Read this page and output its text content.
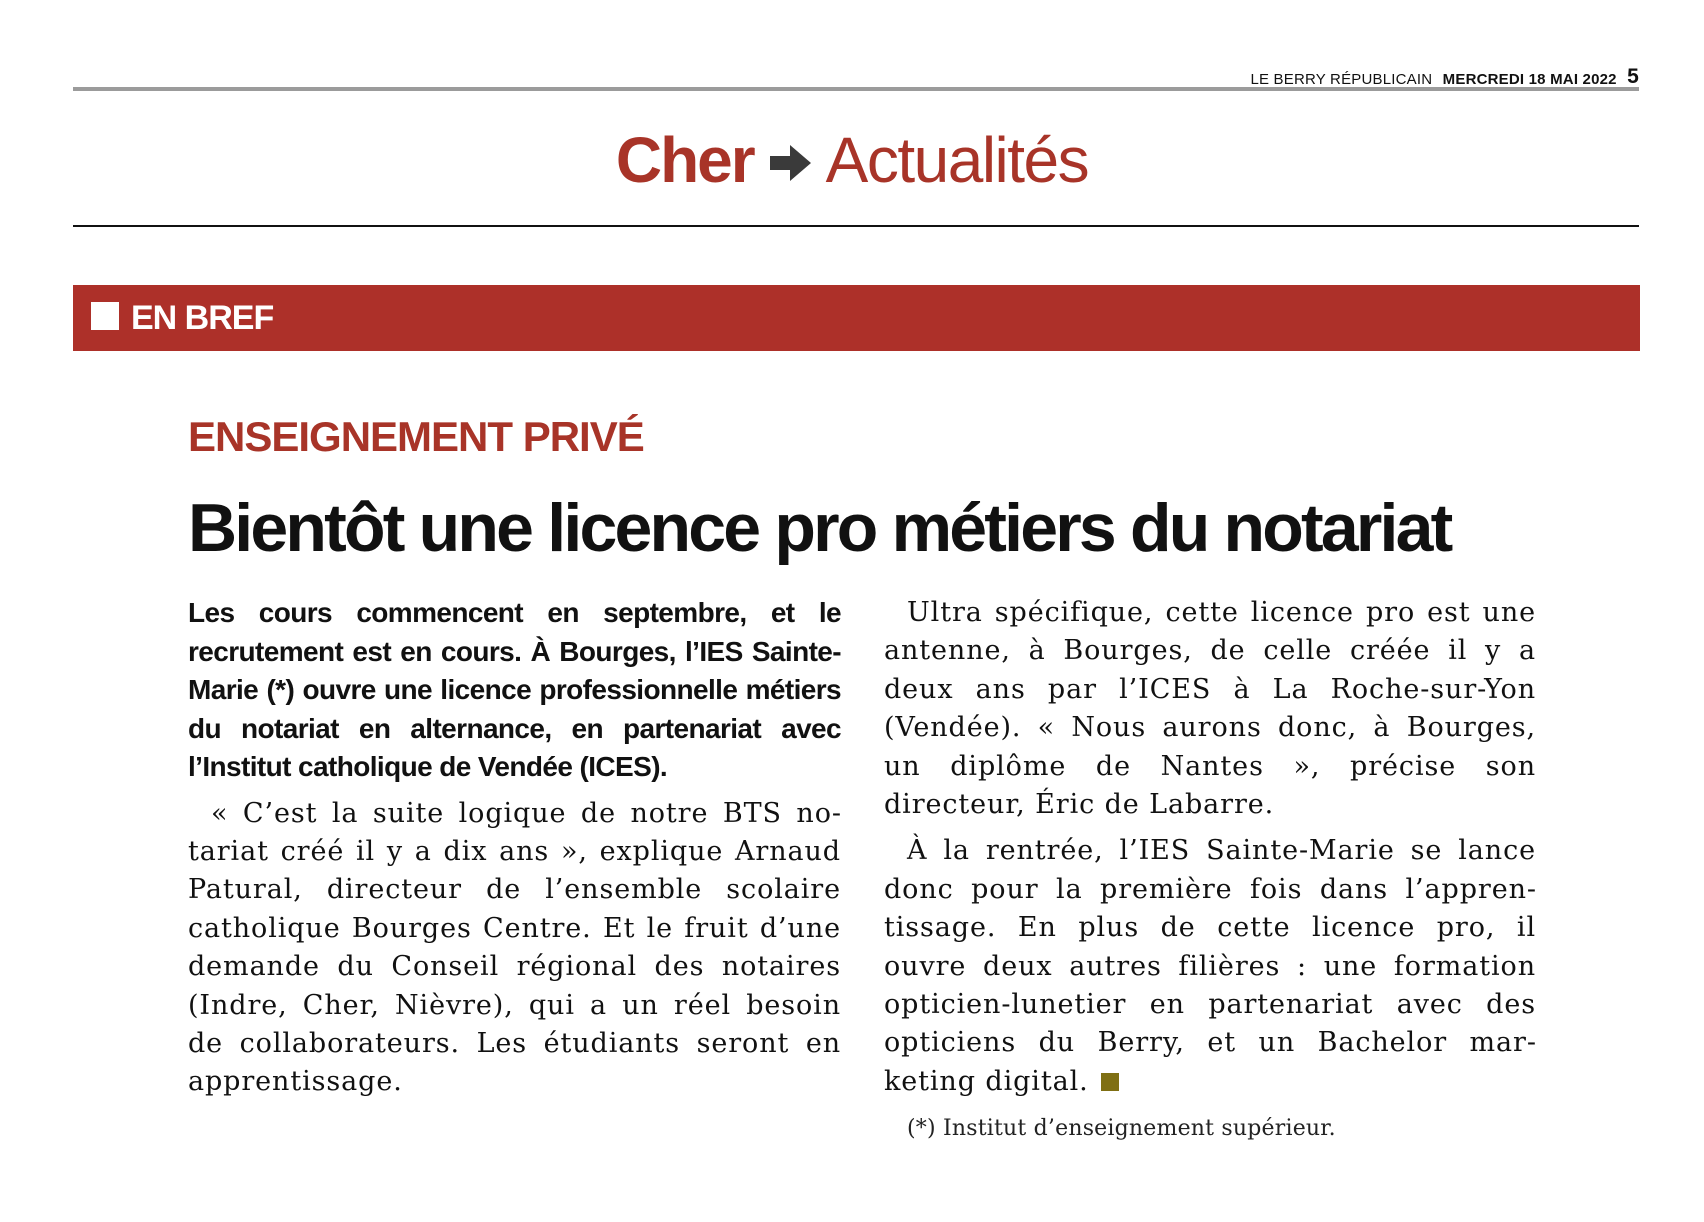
LE BERRY RÉPUBLICAIN MERCREDI 18 MAI 2022 5
Cher Actualités
EN BREF
ENSEIGNEMENT PRIVÉ
Bientôt une licence pro métiers du notariat

Les cours commencent en septembre, et le recrutement est en cours. À Bourges, l’IES Sainte-Marie (*) ouvre une licence professionnelle métiers du notariat en alternance, en partenariat avec l’Institut catholique de Vendée (ICES).

« C’est la suite logique de notre BTS notariat créé il y a dix ans », explique Arnaud Patural, directeur de l’ensemble scolaire catholique Bourges Centre. Et le fruit d’une demande du Conseil régional des notaires (Indre, Cher, Nièvre), qui a un réel besoin de collaborateurs. Les étudiants seront en apprentissage.

Ultra spécifique, cette licence pro est une antenne, à Bourges, de celle créée il y a deux ans par l’ICES à La Roche-sur-Yon (Vendée). « Nous aurons donc, à Bourges, un diplôme de Nantes », précise son directeur, Éric de Labarre.

À la rentrée, l’IES Sainte-Marie se lance donc pour la première fois dans l’apprentissage. En plus de cette licence pro, il ouvre deux autres filières : une formation opticien-lunetier en partenariat avec des opticiens du Berry, et un Bachelor marketing digital.

(*) Institut d’enseignement supérieur.
